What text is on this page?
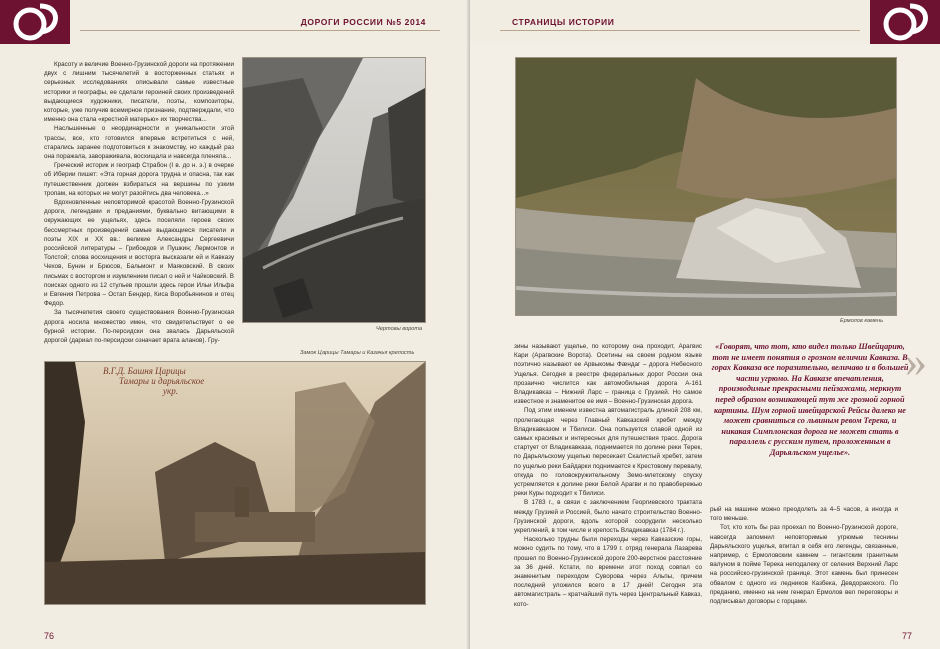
ДОРОГИ РОССИИ №5 2014

Красоту и величие Военно-Грузинской дороги на протяжении двух с лишним тысячелетий в восторженных статьях и серьезных исследованиях описывали самые известные историки и географы, ее сделали героиней своих произведений выдающиеся художники, писатели, поэты, композиторы, которые, уже получив всемирное признание, подтверждали, что именно она стала «крестной матерью» их творчества...

Насльшенные о неординарности и уникальности этой трассы, все, кто готовился впервые встретиться с ней, старались заранее подготовиться к знакомству, но каждый раз она поражала, завораживала, восхищала и навсегда пленяла...

Греческий историк и географ Страбон (I в. до н. э.) в очерке об Иберии пишет: «Эта горная дорога трудна и опасна, так как путешественник должен взбираться на вершины по узким тропам, на которых не могут разойтись два человека...»

Вдохновленные неповторимой красотой Военно-Грузинской дороги, легендами и преданиями, буквально витающими в окружающих ее ущельях, здесь поселяли героев своих бессмертных произведений самые выдающиеся писатели и поэты XIX и XX вв.: великие Александры Сергеевичи российской литературы – Грибоедов и Пушкин; Лермонтов и Толстой; слова восхищения и восторга высказали ей и Кавказу Чехов, Бунин и Брюсов, Бальмонт и Маяковский. В своих письмах с восторгом и изумлением писал о ней и Чайковский. В поисках одного из 12 стульев прошли здесь герои Ильи Ильфа и Евгения Петрова – Остап Бендер, Киса Воробьянинов и отец Федор.

За тысячелетия своего существования Военно-Грузинская дорога носила множество имен, что свидетельствует о ее бурной истории. По-персидски она звалась Дарьяльской дорогой (дариал по-персидски означает врата аланов). Гру-

Чертовы ворота
Замок Царицы Тамары и Казачья крепость
В.Г.Д. Башня Царицы
Тамары и дарьяльское
укр.
76
СТРАНИЦЫ ИСТОРИИ
Ермолов камень

зины называют ущелье, по которому она проходит, Арагвис Кари (Арагвские Ворота). Осетины на своем родном языке поэтично называют ее Арвыкомы Фæндаг – дорога Небесного Ущелья. Сегодня в реестре федеральных дорог России она прозаично числится как автомобильная дорога А-161 Владикавказ – Нижний Ларс – граница с Грузией. Но самое известное и знаменитое ее имя – Военно-Грузинская дорога.

Под этим именем известна автомагистраль длиной 208 км, пролегающая через Главный Кавказский хребет между Владикавказом и Тбилиси. Она пользуется славой одной из самых красивых и интересных для путешествия трасс. Дорога стартует от Владикавказа, поднимается по долине реки Терек, по Дарьяльскому ущелью пересекает Скалистый хребет, затем по ущелью реки Байдарки поднимается к Крестовому перевалу, откуда по головокружительному Земо-млетскому спуску устремляется к долине реки Белой Арагви и по правобережью реки Куры подходит к Тбилиси.

В 1783 г., в связи с заключением Георгиевского трактата между Грузией и Россией, было начато строительство Военно-Грузинской дороги, вдоль которой соорудили несколько укреплений, в том числе и крепость Владикавказ (1784 г.).

Насколько трудны были переходы через Кавказские горы, можно судить по тому, что в 1799 г. отряд генерала Лазарева прошел по Военно-Грузинской дороге 200-верстное расстояние за 36 дней. Кстати, по времени этот поход совпал со знаменитым переходом Суворова через Альпы, причем последний уложился всего в 17 дней! Сегодня эта автомагистраль – кратчайший путь через Центральный Кавказ, кото-

рый на машине можно преодолеть за 4–5 часов, а иногда и того меньше.

Тот, кто хоть бы раз проехал по Военно-Грузинской дороге, навсегда запомнил неповторимые угрюмые теснины Дарьяльского ущелья, впитал в себя его легенды, связанные, например, с Ермоловским камнем – гигантским гранитным валуном в пойме Терека неподалеку от селения Верхний Ларс на российско-грузинской границе. Этот камень был принесен обвалом с одного из ледников Казбека, Девдоракского. По преданию, именно на нем генерал Ермолов вел переговоры и подписывал договоры с горцами.

77
»
«Говорят, что тот, кто видел только Швейцарию, тот не имеет понятия о грозном величии Кавказа. В горах Кавказа все поразительно, величаво и в большей части угрюмо. На Кавказе впечатления, производимые прекрасными пейзажами, меркнут перед образом возникающей тут же грозной горной картины. Шум горной швейцарской Рейсы далеко не может сравниться со львиным ревом Терека, и никакая Симплонская дорога не может стать в параллель с русским путем, проложенным в Дарьяльском ущелье».
